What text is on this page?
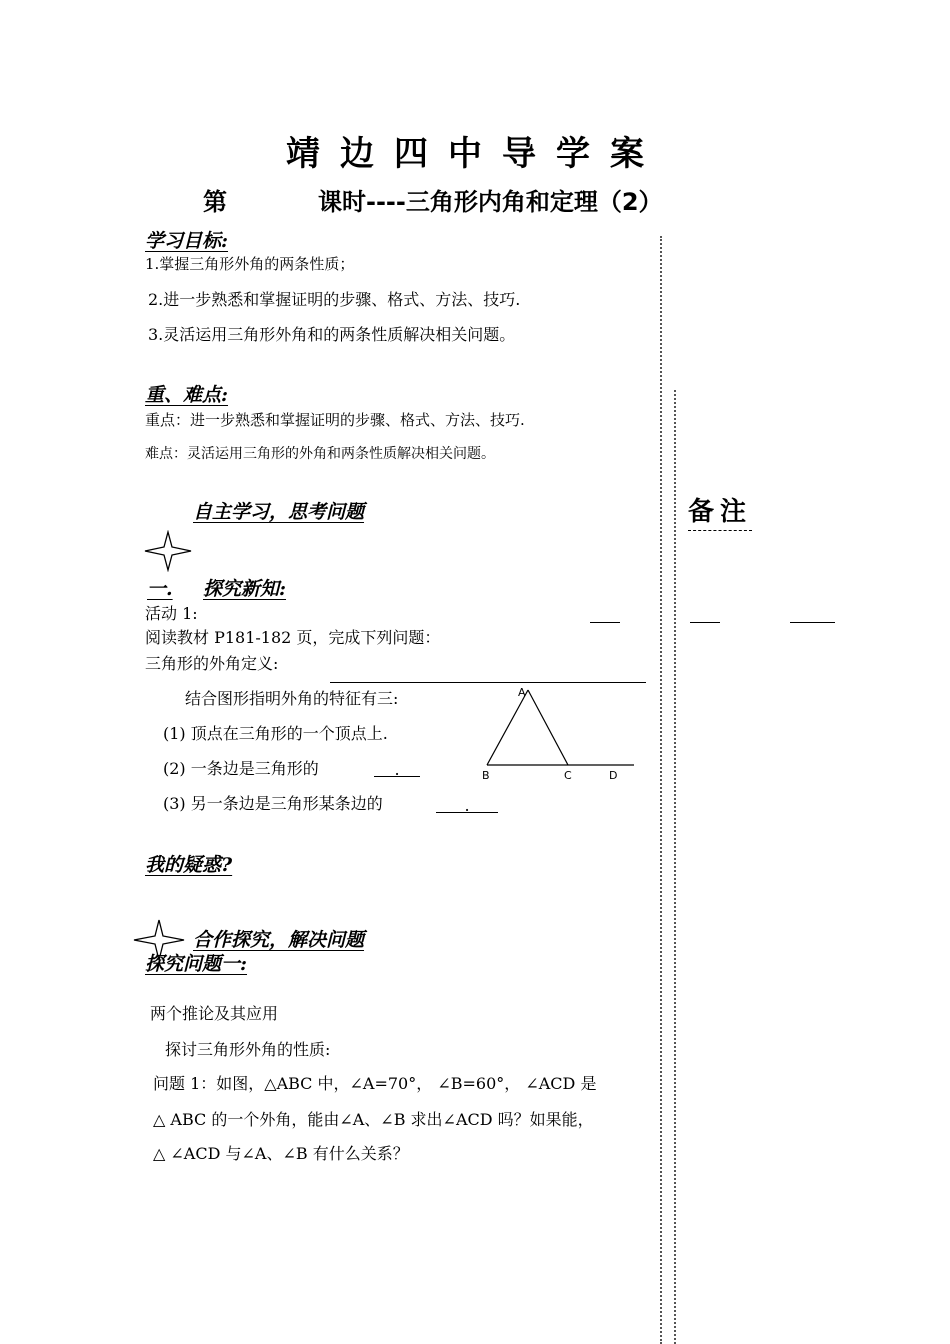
靖边四中导学案
第	课时----三角形内角和定理（2）
学习目标:
1.掌握三角形外角的两条性质；
2.进一步熟悉和掌握证明的步骤、格式、方法、技巧.
3.灵活运用三角形外角和的两条性质解决相关问题。
重、难点:
重点：进一步熟悉和掌握证明的步骤、格式、方法、技巧.
难点：灵活运用三角形的外角和两条性质解决相关问题。
自主学习，思考问题
一. 探究新知:
活动 1:
阅读教材 P181-182 页，完成下列问题：
三角形的外角定义:
结合图形指明外角的特征有三:
(1) 顶点在三角形的一个顶点上.
(2) 一条边是三角形的	.
(3) 另一条边是三角形某条边的	.
A
B	C	D
我的疑惑?
合作探究，解决问题
探究问题一:
两个推论及其应用
探讨三角形外角的性质:
问题 1：如图，△ABC 中，∠A=70°， ∠B=60°， ∠ACD 是
△ ABC 的一个外角，能由∠A、∠B 求出∠ACD 吗？如果能，
△ ∠ACD 与∠A、∠B 有什么关系？
备注
